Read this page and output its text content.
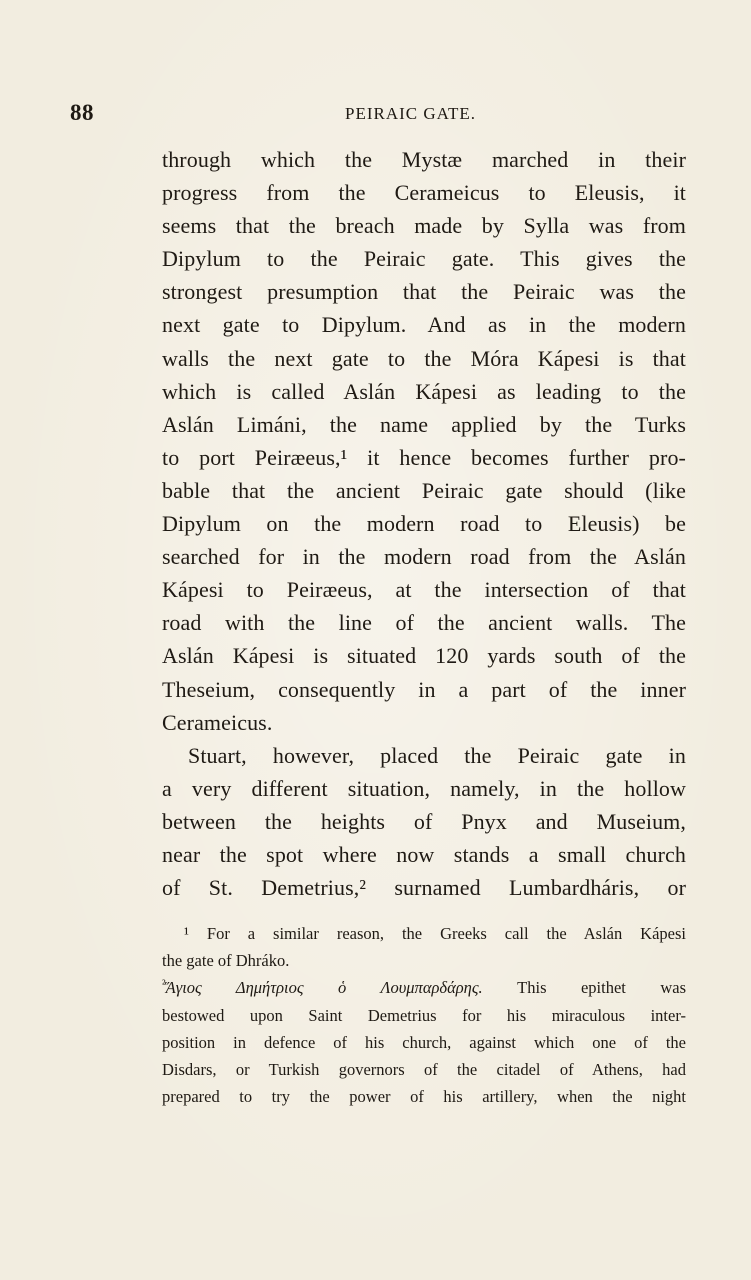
88	PEIRAIC GATE.
through which the Mystæ marched in their
progress from the Cerameicus to Eleusis, it
seems that the breach made by Sylla was from
Dipylum to the Peiraic gate. This gives the
strongest presumption that the Peiraic was the
next gate to Dipylum. And as in the modern
walls the next gate to the Móra Kápesi is that
which is called Aslán Kápesi as leading to the
Aslán Limáni, the name applied by the Turks
to port Peiræeus,¹ it hence becomes further pro-
bable that the ancient Peiraic gate should (like
Dipylum on the modern road to Eleusis) be
searched for in the modern road from the Aslán
Kápesi to Peiræeus, at the intersection of that
road with the line of the ancient walls. The
Aslán Kápesi is situated 120 yards south of the
Theseium, consequently in a part of the inner
Cerameicus.
Stuart, however, placed the Peiraic gate in
a very different situation, namely, in the hollow
between the heights of Pnyx and Museium,
near the spot where now stands a small church
of St. Demetrius,² surnamed Lumbardháris, or
¹ For a similar reason, the Greeks call the Aslán Kápesi
the gate of Dhráko.
$^{^2}$Ἅγιος Δημήτριος ὁ Λουμπαρδάρης. This epithet was
bestowed upon Saint Demetrius for his miraculous inter-
position in defence of his church, against which one of the
Disdars, or Turkish governors of the citadel of Athens, had
prepared to try the power of his artillery, when the night
